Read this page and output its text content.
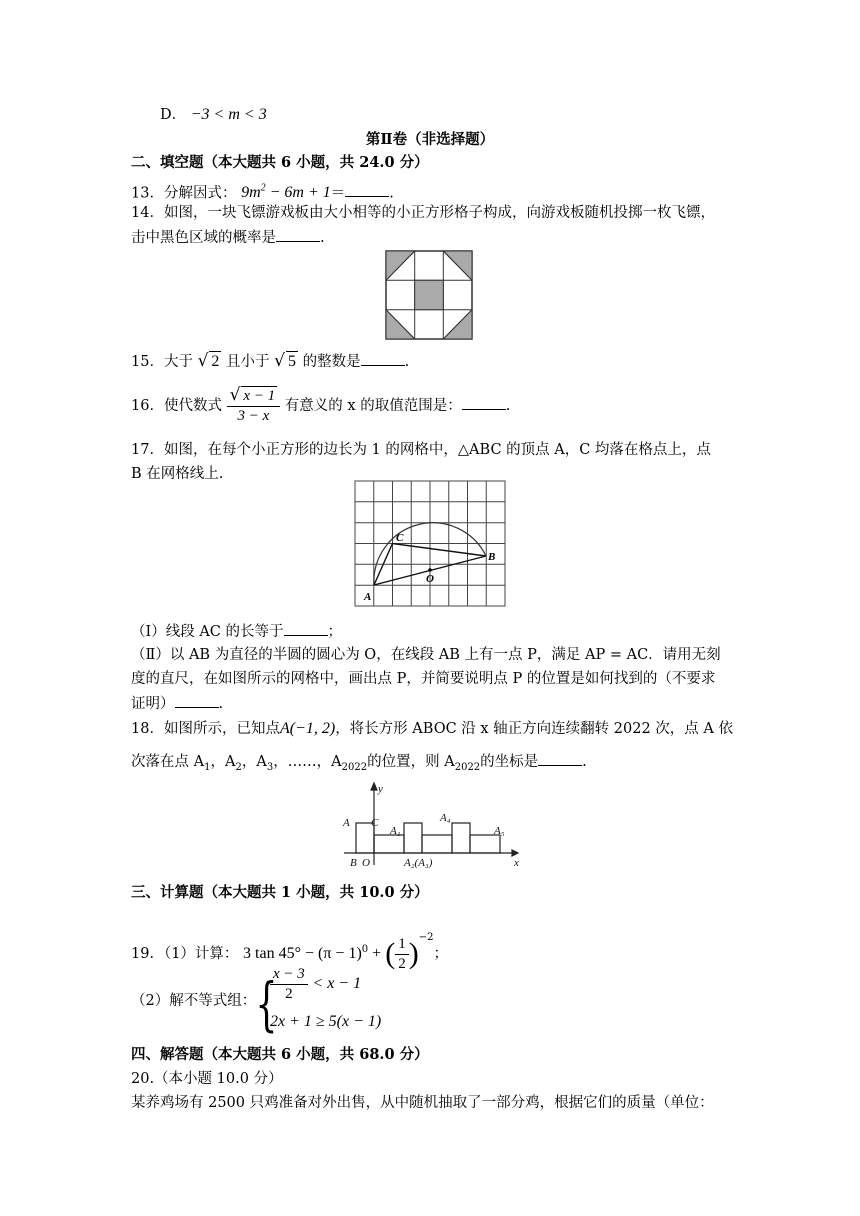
D． −3 < m < 3
第Ⅱ卷（非选择题）
二、填空题（本大题共 6 小题，共 24.0 分）
13．分解因式： $9m^2 - 6m + 1=$	.
14．如图，一块飞镖游戏板由大小相等的小正方形格子构成，向游戏板随机投掷一枚飞镖，
击中黑色区域的概率是	.
15．大于 √ 2 且小于 √ 5 的整数是	.
16．使代数式 $\frac{√ x - 1}{3 - x}$ 有意义的 x 的取值范围是：	.
17．如图，在每个小正方形的边长为 1 的网格中，△ABC 的顶点 A，C 均落在格点上，点
B 在网格线上.
A
C
B
O
（Ⅰ）线段 AC 的长等于	；
（Ⅱ）以 AB 为直径的半圆的圆心为 O，在线段 AB 上有一点 P，满足 AP = AC．请用无刻
度的直尺，在如图所示的网格中，画出点 P，并简要说明点 P 的位置是如何找到的（不要求
证明）	.
18．如图所示，已知点A(−1, 2)，将长方形 ABOC 沿 x 轴正方向连续翻转 2022 次，点 A 依
次落在点 $A_1$，$A_2$，$A_3$，……，$A_{2022}$的位置，则 $A_{2022}$的坐标是	.
y
x
A C
B O
A₁
A₄
A₅
A₂(A₃)
三、计算题（本大题共 1 小题，共 10.0 分）
19．（1）计算： 3 $\tan 45^\circ - (\pi - 1)^0$ + ( $\frac{1}{2} )^{-2}$；
（2）解不等式组： {
$\frac{x - 3}{2} < x - 1$
2x + 1 ≥ 5(x − 1)
四、解答题（本大题共 6 小题，共 68.0 分）
20.（本小题 10.0 分）
某养鸡场有 2500 只鸡准备对外出售，从中随机抽取了一部分鸡，根据它们的质量（单位：
